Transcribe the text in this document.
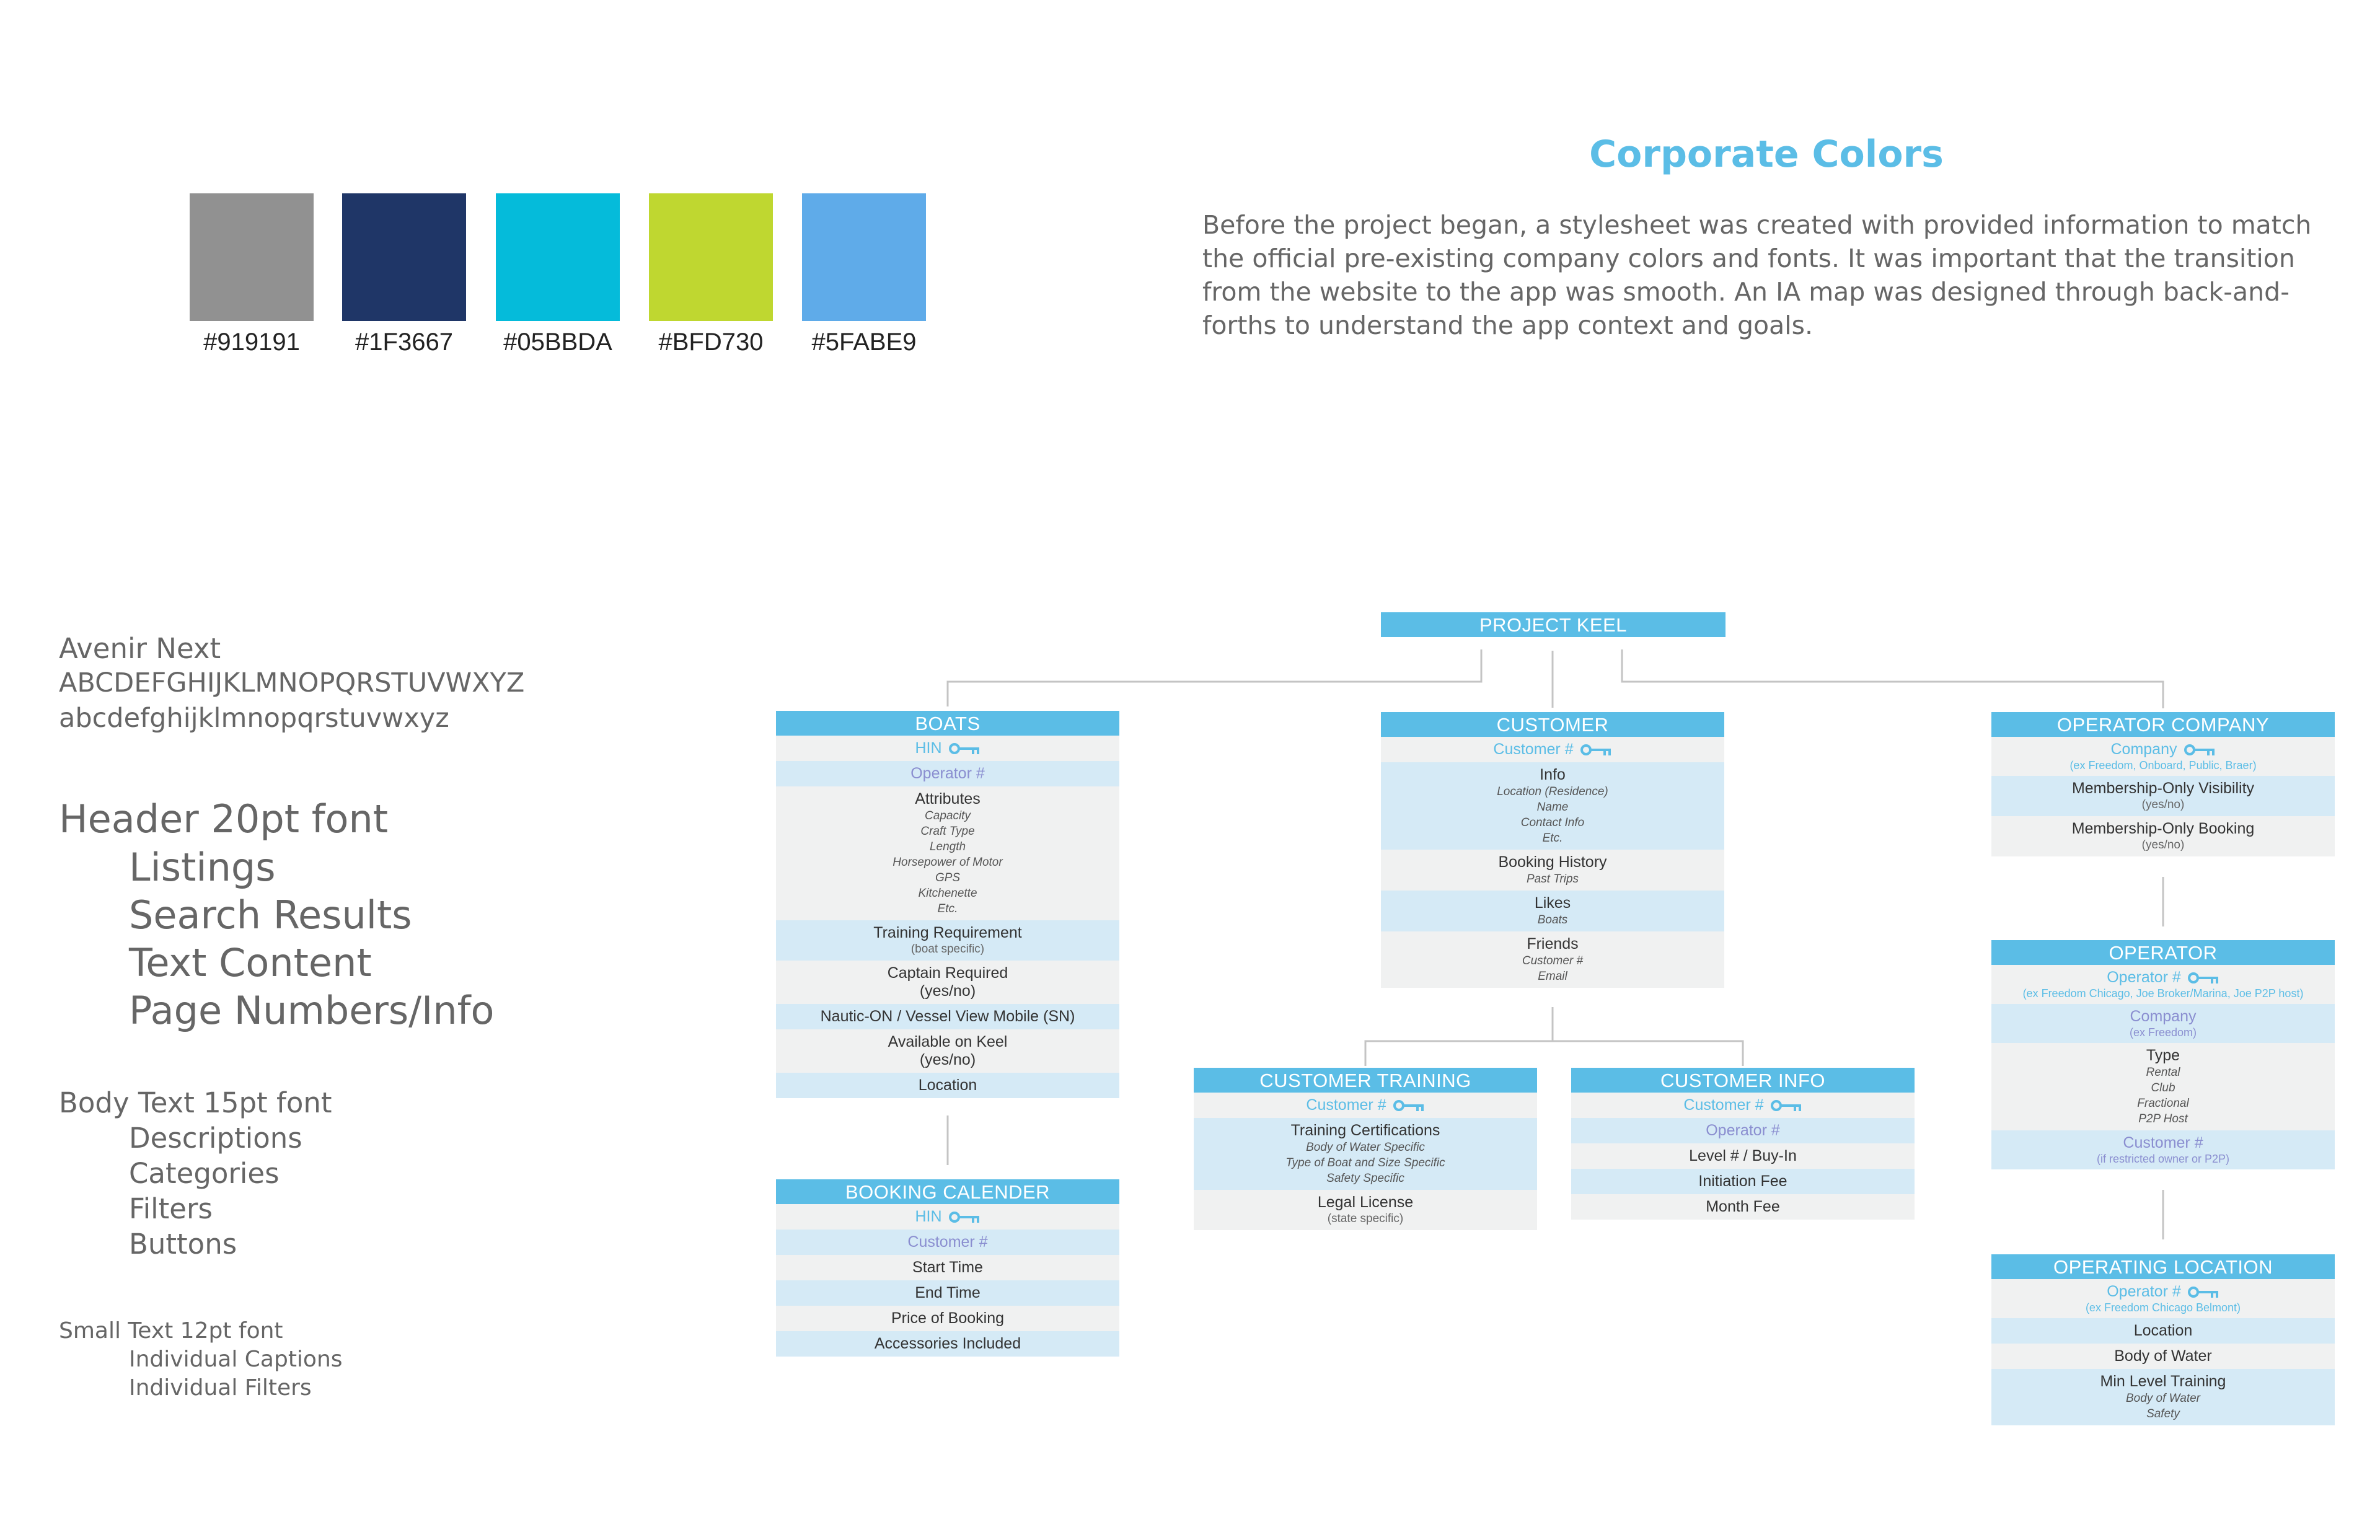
#919191	#1F3667	#05BBDA	#BFD730	#5FABE9
Corporate Colors
Before the project began, a stylesheet was created with provided information to match the official pre-existing company colors and fonts. It was important that the transition from the website to the app was smooth. An IA map was designed through back-and-forths to understand the app context and goals.
Avenir Next
ABCDEFGHIJKLMNOPQRSTUVWXYZ
abcdefghijklmnopqrstuvwxyz
Header 20pt font
Listings
Search Results
Text Content
Page Numbers/Info
Body Text 15pt font
Descriptions
Categories
Filters
Buttons
Small Text 12pt font
Individual Captions
Individual Filters
PROJECT KEEL
BOATS
HIN
Operator #
Attributes
Capacity
Craft Type
Length
Horsepower of Motor
GPS
Kitchenette
Etc.
Training Requirement
(boat specific)
Captain Required
(yes/no)
Nautic-ON / Vessel View Mobile (SN)
Available on Keel
(yes/no)
Location
BOOKING CALENDER
HIN
Customer #
Start Time
End Time
Price of Booking
Accessories Included
CUSTOMER
Customer #
Info
Location (Residence)
Name
Contact Info
Etc.
Booking History
Past Trips
Likes
Boats
Friends
Customer #
Email
CUSTOMER TRAINING
Customer #
Training Certifications
Body of Water Specific
Type of Boat and Size Specific
Safety Specific
Legal License
(state specific)
CUSTOMER INFO
Customer #
Operator #
Level # / Buy-In
Initiation Fee
Month Fee
OPERATOR COMPANY
Company
(ex Freedom, Onboard, Public, Braer)
Membership-Only Visibility
(yes/no)
Membership-Only Booking
(yes/no)
OPERATOR
Operator #
(ex Freedom Chicago, Joe Broker/Marina, Joe P2P host)
Company
(ex Freedom)
Type
Rental
Club
Fractional
P2P Host
Customer #
(if restricted owner or P2P)
OPERATING LOCATION
Operator #
(ex Freedom Chicago Belmont)
Location
Body of Water
Min Level Training
Body of Water
Safety
